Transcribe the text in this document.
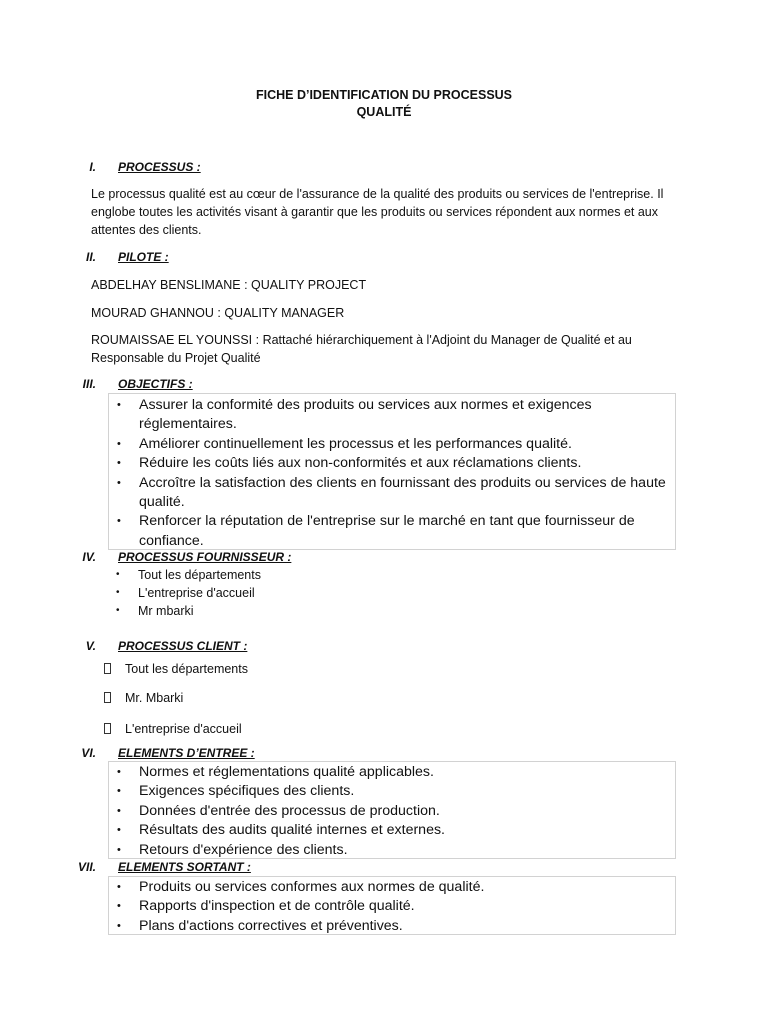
FICHE D’IDENTIFICATION DU PROCESSUS
QUALITÉ
I. PROCESSUS :
Le processus qualité est au cœur de l'assurance de la qualité des produits ou services de l'entreprise. Il englobe toutes les activités visant à garantir que les produits ou services répondent aux normes et aux attentes des clients.
II. PILOTE :
ABDELHAY BENSLIMANE : QUALITY PROJECT
MOURAD GHANNOU : QUALITY MANAGER
ROUMAISSAE EL YOUNSSI : Rattaché hiérarchiquement à l'Adjoint du Manager de Qualité et au Responsable du Projet Qualité
III. OBJECTIFS :
• Assurer la conformité des produits ou services aux normes et exigences réglementaires.
• Améliorer continuellement les processus et les performances qualité.
• Réduire les coûts liés aux non-conformités et aux réclamations clients.
• Accroître la satisfaction des clients en fournissant des produits ou services de haute qualité.
• Renforcer la réputation de l'entreprise sur le marché en tant que fournisseur de confiance.
IV. PROCESSUS FOURNISSEUR :
• Tout les départements
• L'entreprise d'accueil
• Mr mbarki
V. PROCESSUS CLIENT :
Tout les départements
Mr. Mbarki
L'entreprise d'accueil
VI. ELEMENTS D’ENTREE :
• Normes et réglementations qualité applicables.
• Exigences spécifiques des clients.
• Données d'entrée des processus de production.
• Résultats des audits qualité internes et externes.
• Retours d'expérience des clients.
VII. ELEMENTS SORTANT :
• Produits ou services conformes aux normes de qualité.
• Rapports d'inspection et de contrôle qualité.
• Plans d'actions correctives et préventives.
